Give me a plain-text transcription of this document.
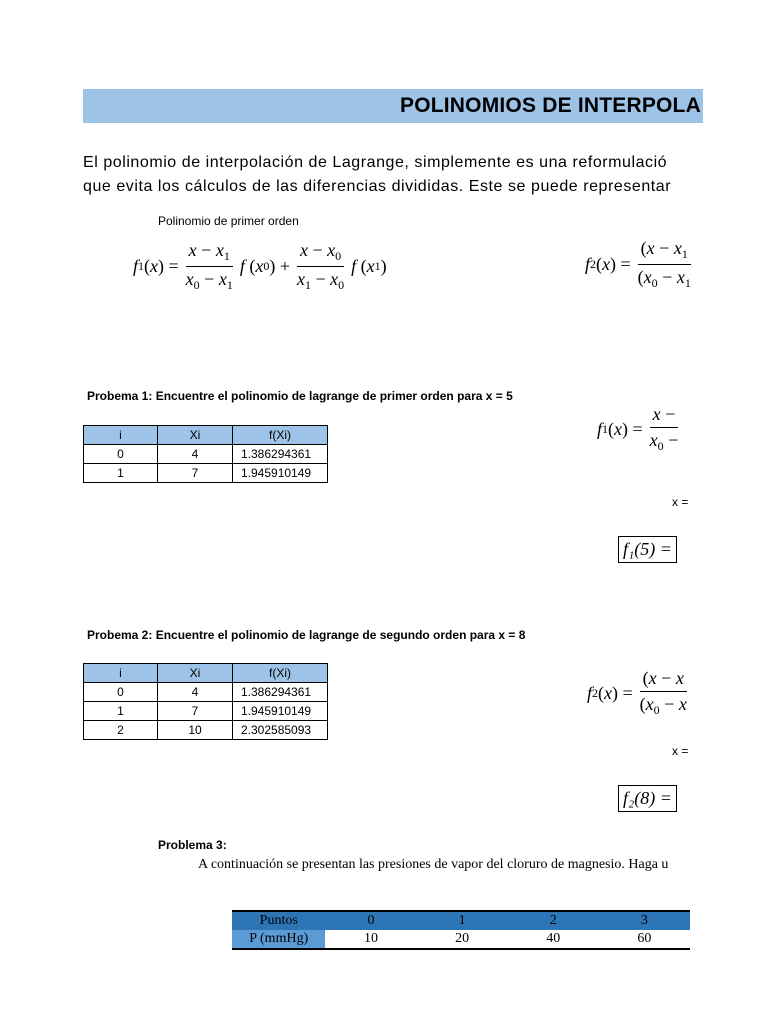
POLINOMIOS DE INTERPOLA
El polinomio de interpolación de Lagrange, simplemente es una reformulació
que evita los cálculos de las diferencias divididas. Este se puede representar
Polinomio de primer orden
f 1 ( x ) = $\frac{x - x_1}{x_0 - x_1}$ f ( x 0 ) + $\frac{x - x_0}{x_1 - x_0}$ f ( x 1 )	f 2 ( x ) = $\frac{(x - x_1}{(x_0 - x_1}$
Probema 1: Encuentre el polinomio de lagrange de primer orden para x = 5
i	Xi	f(Xi)
0	4	1.386294361
1	7	1.945910149
f 1 ( x ) = $\frac{x -}{x_0 -}$
x =
f₁(5) =
Probema 2: Encuentre el polinomio de lagrange de segundo orden para x = 8
i	Xi	f(Xi)
0	4	1.386294361
1	7	1.945910149
2	10	2.302585093
f 2 ( x ) = $\frac{(x - x}{(x_0 - x}$
x =
f₂(8) =
Problema 3:
A continuación se presentan las presiones de vapor del cloruro de magnesio. Haga u
Puntos	0	1	2	3
P (mmHg)	10	20	40	60
